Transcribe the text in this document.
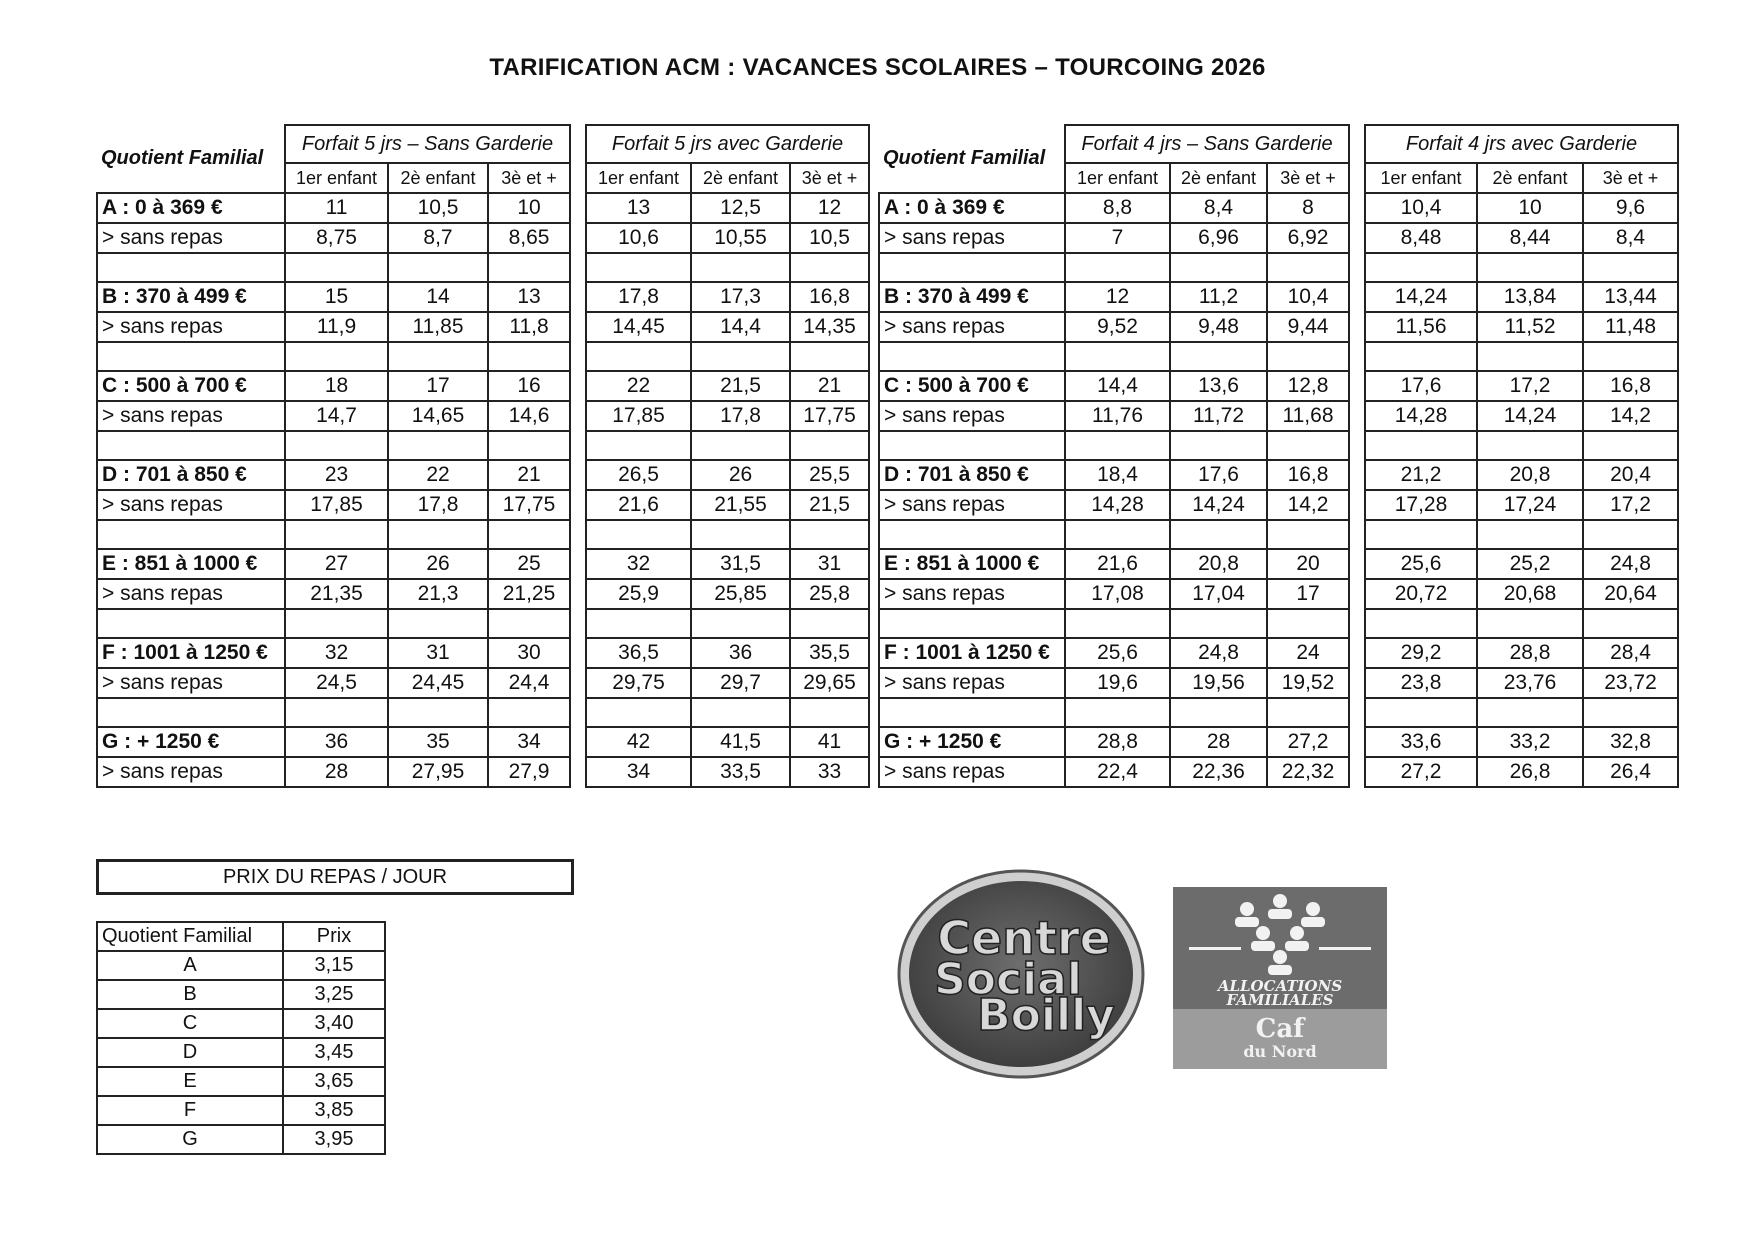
TARIFICATION ACM : VACANCES SCOLAIRES – TOURCOING 2026
Quotient Familial	Forfait 5 jrs – Sans Garderie				Forfait 5 jrs avec Garderie		
	1er enfant	2è enfant	3è et +		1er enfant	2è enfant	3è et +
A : 0 à 369 €	11	10,5	10		13	12,5	12
> sans repas	8,75	8,7	8,65		10,6	10,55	10,5

B : 370 à 499 €	15	14	13		17,8	17,3	16,8
> sans repas	11,9	11,85	11,8		14,45	14,4	14,35

C : 500 à 700 €	18	17	16		22	21,5	21
> sans repas	14,7	14,65	14,6		17,85	17,8	17,75

D : 701 à 850 €	23	22	21		26,5	26	25,5
> sans repas	17,85	17,8	17,75		21,6	21,55	21,5

E : 851 à 1000 €	27	26	25		32	31,5	31
> sans repas	21,35	21,3	21,25		25,9	25,85	25,8

F : 1001 à 1250 €	32	31	30		36,5	36	35,5
> sans repas	24,5	24,45	24,4		29,75	29,7	29,65

G : + 1250 €	36	35	34		42	41,5	41
> sans repas	28	27,95	27,9		34	33,5	33
Quotient Familial	Forfait 4 jrs – Sans Garderie				Forfait 4 jrs avec Garderie		
	1er enfant	2è enfant	3è et +		1er enfant	2è enfant	3è et +
A : 0 à 369 €	8,8	8,4	8		10,4	10	9,6
> sans repas	7	6,96	6,92		8,48	8,44	8,4

B : 370 à 499 €	12	11,2	10,4		14,24	13,84	13,44
> sans repas	9,52	9,48	9,44		11,56	11,52	11,48

C : 500 à 700 €	14,4	13,6	12,8		17,6	17,2	16,8
> sans repas	11,76	11,72	11,68		14,28	14,24	14,2

D : 701 à 850 €	18,4	17,6	16,8		21,2	20,8	20,4
> sans repas	14,28	14,24	14,2		17,28	17,24	17,2

E : 851 à 1000 €	21,6	20,8	20		25,6	25,2	24,8
> sans repas	17,08	17,04	17		20,72	20,68	20,64

F : 1001 à 1250 €	25,6	24,8	24		29,2	28,8	28,4
> sans repas	19,6	19,56	19,52		23,8	23,76	23,72

G : + 1250 €	28,8	28	27,2		33,6	33,2	32,8
> sans repas	22,4	22,36	22,32		27,2	26,8	26,4
PRIX DU REPAS / JOUR
Quotient Familial	Prix
A	3,15
B	3,25
C	3,40
D	3,45
E	3,65
F	3,85
G	3,95
Centre
Social
Boilly
ALLOCATIONS
FAMILIALES
Caf
du Nord
